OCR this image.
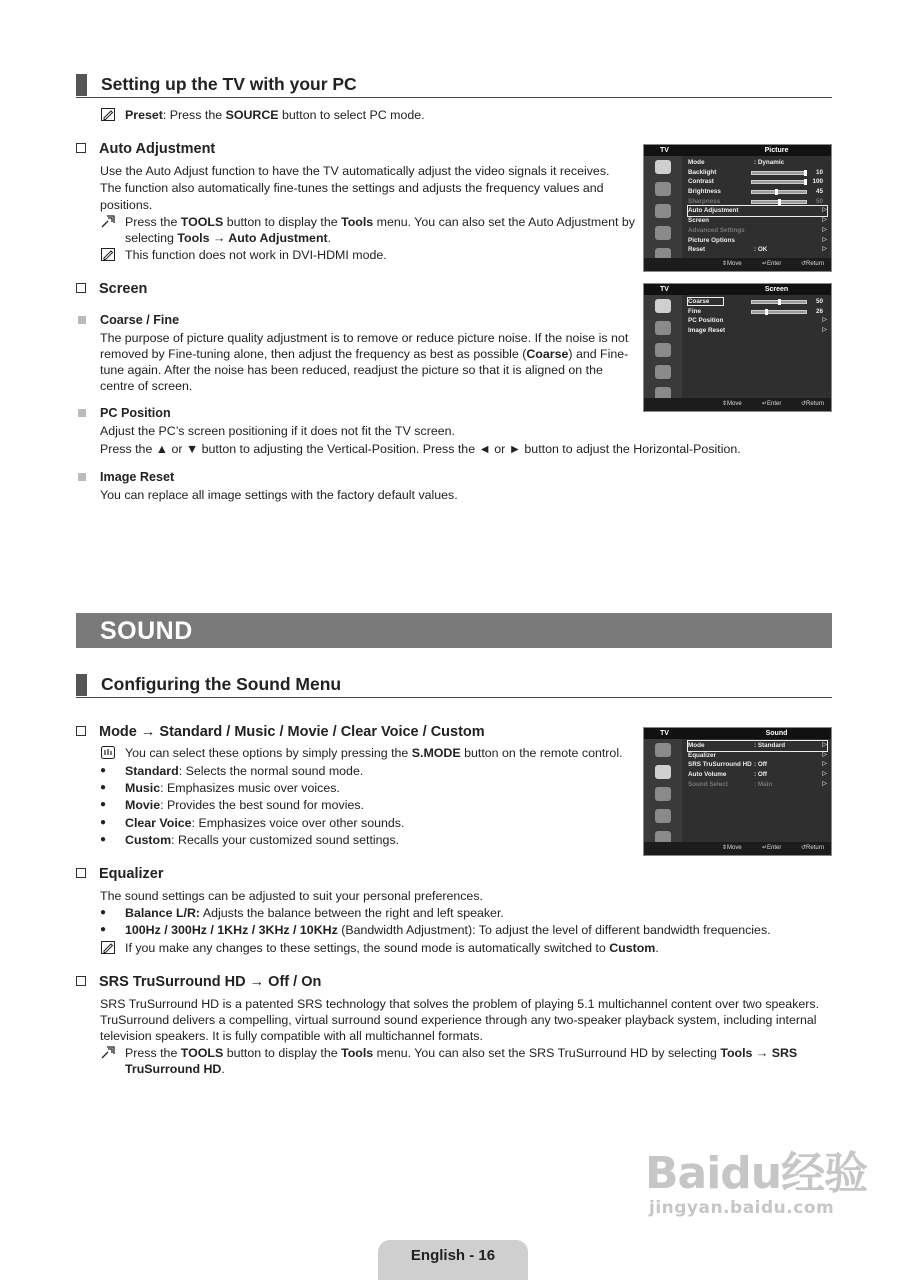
Setting up the TV with your PC
Preset: Press the SOURCE button to select PC mode.
Auto Adjustment
Use the Auto Adjust function to have the TV automatically adjust the video signals it receives. The function also automatically fine-tunes the settings and adjusts the frequency values and positions.
Press the TOOLS button to display the Tools menu. You can also set the Auto Adjustment by selecting Tools → Auto Adjustment.
This function does not work in DVI-HDMI mode.
TV	Picture
Mode	: Dynamic
Backlight	10
Contrast	100
Brightness	45
Sharpness	50
Auto Adjustment	▷
Screen	▷
Advanced Settings	▷
Picture Options	▷
Reset	: OK	▷
⇕ Move	↵ Enter	↺ Return
Screen
Coarse / Fine
The purpose of picture quality adjustment is to remove or reduce picture noise. If the noise is not removed by Fine-tuning alone, then adjust the frequency as best as possible (Coarse) and Fine-tune again. After the noise has been reduced, readjust the picture so that it is aligned on the centre of screen.
PC Position
Adjust the PC’s screen positioning if it does not fit the TV screen.
Press the ▲ or ▼ button to adjusting the Vertical-Position. Press the ◄ or ► button to adjust the Horizontal-Position.
Image Reset
You can replace all image settings with the factory default values.
TV	Screen
Coarse	50
Fine	26
PC Position	▷
Image Reset	▷
⇕ Move	↵ Enter	↺ Return
SOUND
Configuring the Sound Menu
Mode → Standard / Music / Movie / Clear Voice / Custom
You can select these options by simply pressing the S.MODE button on the remote control.
● Standard: Selects the normal sound mode.
● Music: Emphasizes music over voices.
● Movie: Provides the best sound for movies.
● Clear Voice: Emphasizes voice over other sounds.
● Custom: Recalls your customized sound settings.
TV	Sound
Mode	: Standard	▷
Equalizer	▷
SRS TruSurround HD : Off	▷
Auto Volume	: Off	▷
Sound Select	: Main	▷
⇕ Move	↵ Enter	↺ Return
Equalizer
The sound settings can be adjusted to suit your personal preferences.
● Balance L/R: Adjusts the balance between the right and left speaker.
● 100Hz / 300Hz / 1KHz / 3KHz / 10KHz (Bandwidth Adjustment): To adjust the level of different bandwidth frequencies.
If you make any changes to these settings, the sound mode is automatically switched to Custom.
SRS TruSurround HD → Off / On
SRS TruSurround HD is a patented SRS technology that solves the problem of playing 5.1 multichannel content over two speakers. TruSurround delivers a compelling, virtual surround sound experience through any two-speaker playback system, including internal television speakers. It is fully compatible with all multichannel formats.
Press the TOOLS button to display the Tools menu. You can also set the SRS TruSurround HD by selecting Tools → SRS TruSurround HD.
Baidu经验
jingyan.baidu.com
English - 16
